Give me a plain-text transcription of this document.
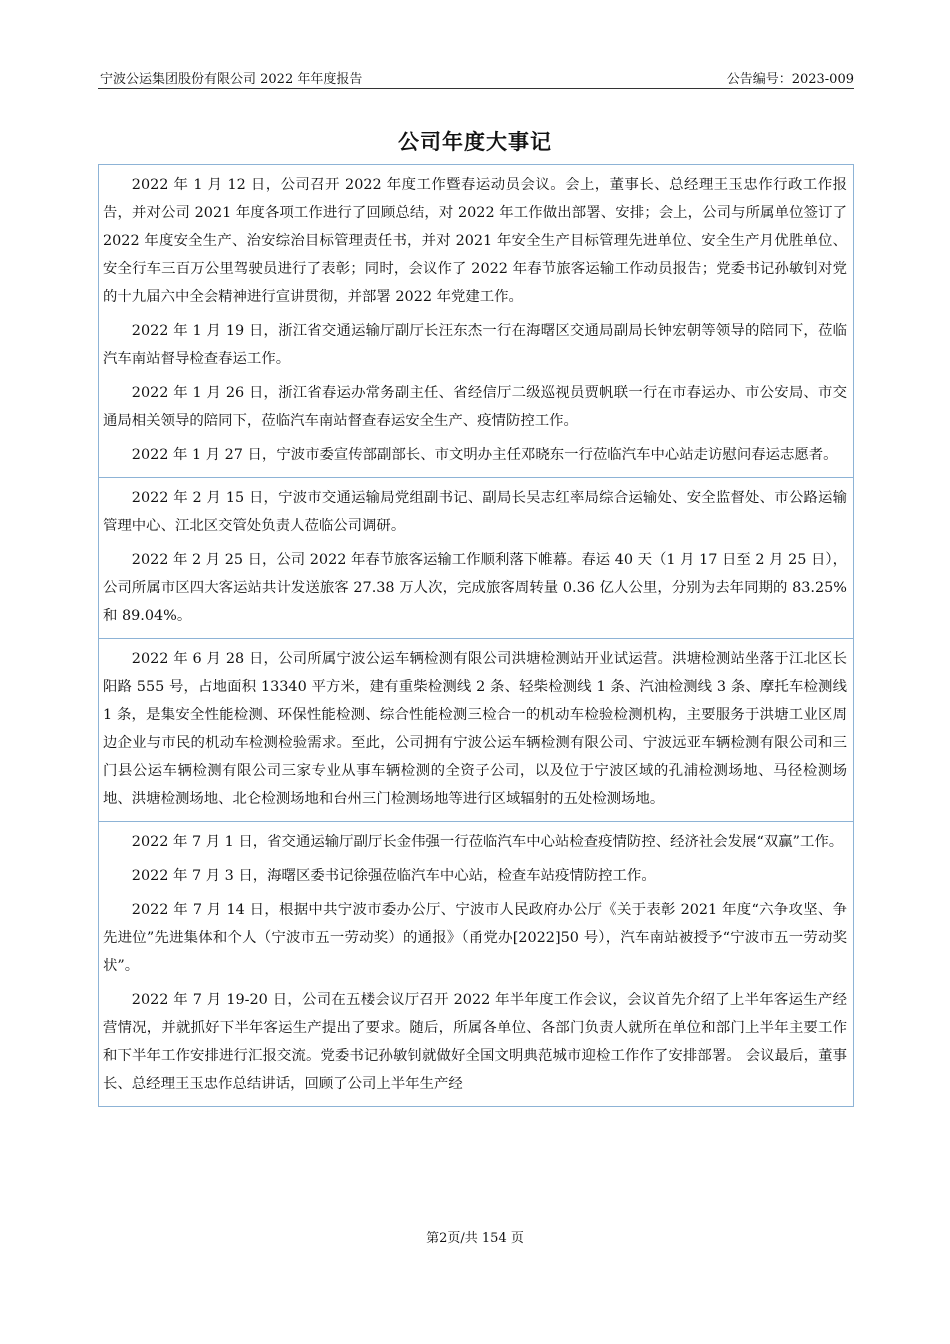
宁波公运集团股份有限公司 2022 年年度报告	公告编号：2023-009
公司年度大事记

2022 年 1 月 12 日，公司召开 2022 年度工作暨春运动员会议。会上，董事长、总经理王玉忠作行政工作报告，并对公司 2021 年度各项工作进行了回顾总结，对 2022 年工作做出部署、安排；会上，公司与所属单位签订了 2022 年度安全生产、治安综治目标管理责任书，并对 2021 年安全生产目标管理先进单位、安全生产月优胜单位、安全行车三百万公里驾驶员进行了表彰；同时，会议作了 2022 年春节旅客运输工作动员报告；党委书记孙敏钊对党的十九届六中全会精神进行宣讲贯彻，并部署 2022 年党建工作。

2022 年 1 月 19 日，浙江省交通运输厅副厅长汪东杰一行在海曙区交通局副局长钟宏朝等领导的陪同下，莅临汽车南站督导检查春运工作。

2022 年 1 月 26 日，浙江省春运办常务副主任、省经信厅二级巡视员贾帆联一行在市春运办、市公安局、市交通局相关领导的陪同下，莅临汽车南站督查春运安全生产、疫情防控工作。

2022 年 1 月 27 日，宁波市委宣传部副部长、市文明办主任邓晓东一行莅临汽车中心站走访慰问春运志愿者。

2022 年 2 月 15 日，宁波市交通运输局党组副书记、副局长吴志红率局综合运输处、安全监督处、市公路运输管理中心、江北区交管处负责人莅临公司调研。

2022 年 2 月 25 日，公司 2022 年春节旅客运输工作顺利落下帷幕。春运 40 天（1 月 17 日至 2 月 25 日），公司所属市区四大客运站共计发送旅客 27.38 万人次，完成旅客周转量 0.36 亿人公里，分别为去年同期的 83.25%和 89.04%。

2022 年 6 月 28 日，公司所属宁波公运车辆检测有限公司洪塘检测站开业试运营。洪塘检测站坐落于江北区长阳路 555 号，占地面积 13340 平方米，建有重柴检测线 2 条、轻柴检测线 1 条、汽油检测线 3 条、摩托车检测线 1 条，是集安全性能检测、环保性能检测、综合性能检测三检合一的机动车检验检测机构，主要服务于洪塘工业区周边企业与市民的机动车检测检验需求。至此，公司拥有宁波公运车辆检测有限公司、宁波远亚车辆检测有限公司和三门县公运车辆检测有限公司三家专业从事车辆检测的全资子公司，以及位于宁波区域的孔浦检测场地、马径检测场地、洪塘检测场地、北仑检测场地和台州三门检测场地等进行区域辐射的五处检测场地。

2022 年 7 月 1 日，省交通运输厅副厅长金伟强一行莅临汽车中心站检查疫情防控、经济社会发展“双赢”工作。

2022 年 7 月 3 日，海曙区委书记徐强莅临汽车中心站，检查车站疫情防控工作。

2022 年 7 月 14 日，根据中共宁波市委办公厅、宁波市人民政府办公厅《关于表彰 2021 年度“六争攻坚、争先进位”先进集体和个人（宁波市五一劳动奖）的通报》（甬党办[2022]50 号），汽车南站被授予“宁波市五一劳动奖状”。

2022 年 7 月 19-20 日，公司在五楼会议厅召开 2022 年半年度工作会议，会议首先介绍了上半年客运生产经营情况，并就抓好下半年客运生产提出了要求。随后，所属各单位、各部门负责人就所在单位和部门上半年主要工作和下半年工作安排进行汇报交流。党委书记孙敏钊就做好全国文明典范城市迎检工作作了安排部署。 会议最后，董事长、总经理王玉忠作总结讲话，回顾了公司上半年生产经

第2页/共 154 页
